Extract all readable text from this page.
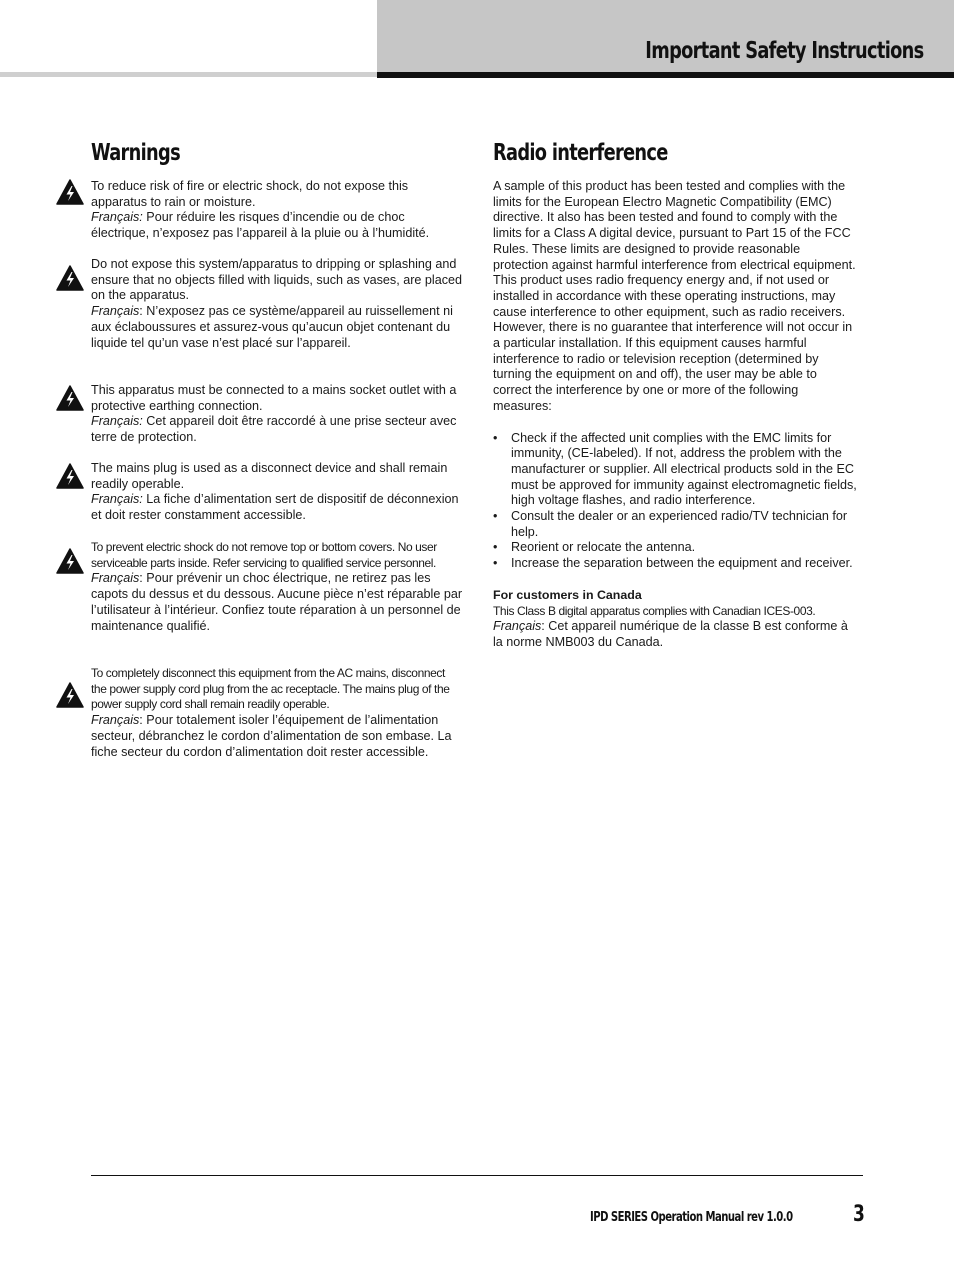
Important Safety Instructions
Warnings

To reduce risk of fire or electric shock, do not expose this apparatus to rain or moisture.

Français: Pour réduire les risques d’incendie ou de choc électrique, n’exposez pas l’appareil à la pluie ou à l’humidité.

Do not expose this system/apparatus to dripping or splashing and ensure that no objects filled with liquids, such as vases, are placed on the apparatus.

Français: N’exposez pas ce système/appareil au ruissellement ni aux éclaboussures et assurez-vous qu’aucun objet contenant du liquide tel qu’un vase n’est placé sur l’appareil.

This apparatus must be connected to a mains socket outlet with a protective earthing connection.

Français: Cet appareil doit être raccordé à une prise secteur avec terre de protection.

The mains plug is used as a disconnect device and shall remain readily operable.

Français: La fiche d’alimentation sert de dispositif de déconnexion et doit rester constamment accessible.

To prevent electric shock do not remove top or bottom covers. No user serviceable parts inside. Refer servicing to qualified service personnel.

Français: Pour prévenir un choc électrique, ne retirez pas les capots du dessus et du dessous. Aucune pièce n’est réparable par l’utilisateur à l’intérieur. Confiez toute réparation à un personnel de maintenance qualifié.

To completely disconnect this equipment from the AC mains, disconnect the power supply cord plug from the ac receptacle. The mains plug of the power supply cord shall remain readily operable.

Français: Pour totalement isoler l’équipement de l’alimentation secteur, débranchez le cordon d’alimentation de son embase. La fiche secteur du cordon d’alimentation doit rester accessible.

Radio interference

A sample of this product has been tested and complies with the limits for the European Electro Magnetic Compatibility (EMC) directive. It also has been tested and found to comply with the limits for a Class A digital device, pursuant to Part 15 of the FCC Rules. These limits are designed to provide reasonable protection against harmful interference from electrical equipment. This product uses radio frequency energy and, if not used or installed in accordance with these operating instructions, may cause interference to other equipment, such as radio receivers. However, there is no guarantee that interference will not occur in a particular installation. If this equipment causes harmful interference to radio or television reception (determined by turning the equipment on and off), the user may be able to correct the interference by one or more of the following measures:

• Check if the affected unit complies with the EMC limits for immunity, (CE-labeled). If not, address the problem with the manufacturer or supplier. All electrical products sold in the EC must be approved for immunity against electromagnetic fields, high voltage flashes, and radio interference.
• Consult the dealer or an experienced radio/TV technician for help.
• Reorient or relocate the antenna.
• Increase the separation between the equipment and receiver.

For customers in Canada

This Class B digital apparatus complies with Canadian ICES-003.

Français: Cet appareil numérique de la classe B est conforme à la norme NMB003 du Canada.

IPD SERIES Operation Manual rev 1.0.0	3
